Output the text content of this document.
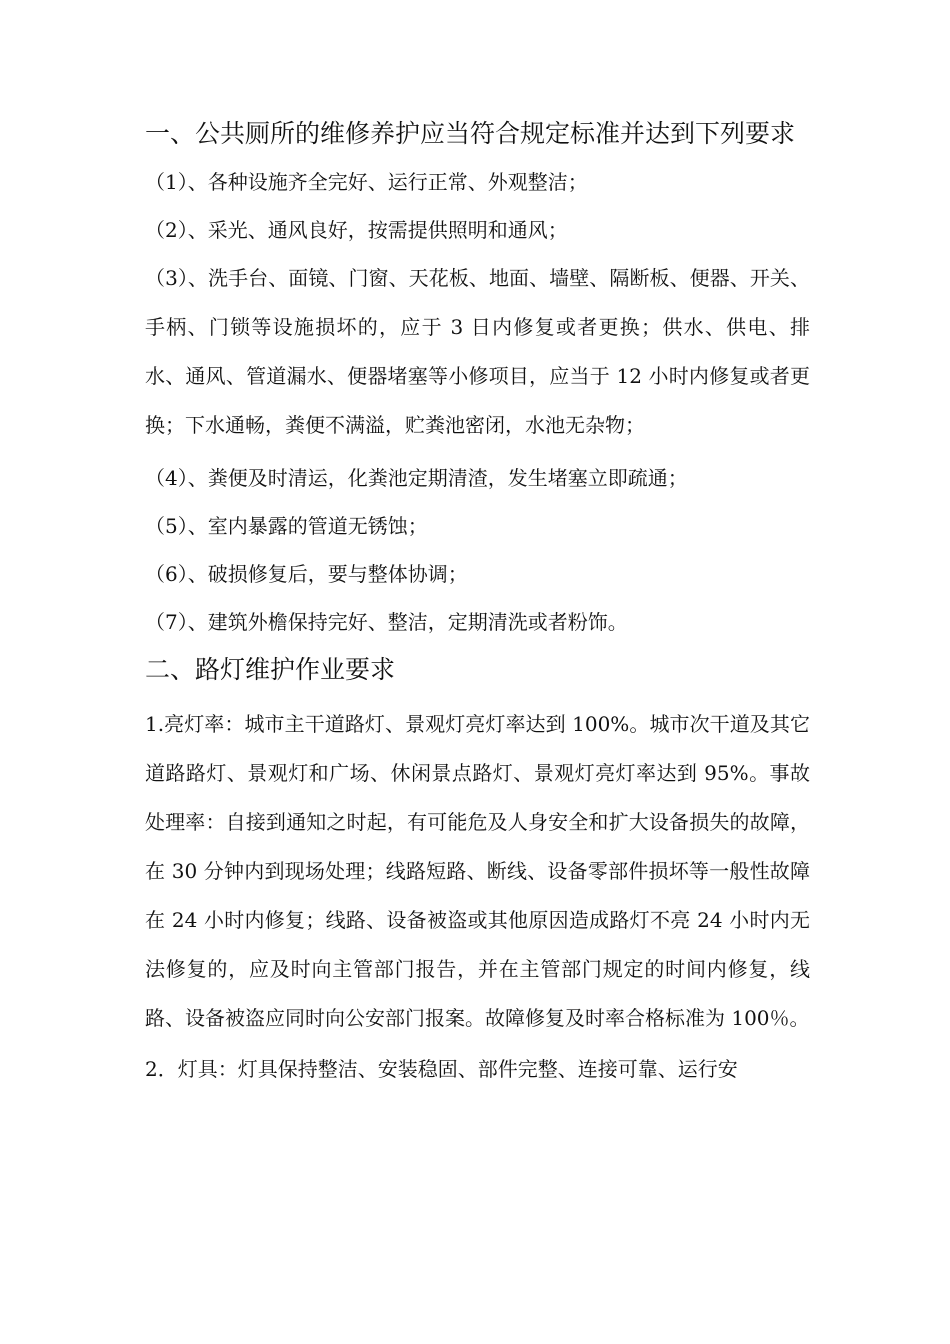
一、公共厕所的维修养护应当符合规定标准并达到下列要求

（1）、各种设施齐全完好、运行正常、外观整洁；

（2）、采光、通风良好，按需提供照明和通风；

（3）、洗手台、面镜、门窗、天花板、地面、墙壁、隔断板、便器、开关、手柄、门锁等设施损坏的，应于 3 日内修复或者更换；供水、供电、排水、通风、管道漏水、便器堵塞等小修项目，应当于 12 小时内修复或者更换；下水通畅，粪便不满溢，贮粪池密闭，水池无杂物；

（4）、粪便及时清运，化粪池定期清渣，发生堵塞立即疏通；

（5）、室内暴露的管道无锈蚀；

（6）、破损修复后，要与整体协调；

（7）、建筑外檐保持完好、整洁，定期清洗或者粉饰。

二、路灯维护作业要求

1.亮灯率：城市主干道路灯、景观灯亮灯率达到 100%。城市次干道及其它道路路灯、景观灯和广场、休闲景点路灯、景观灯亮灯率达到 95%。事故处理率：自接到通知之时起，有可能危及人身安全和扩大设备损失的故障，在 30 分钟内到现场处理；线路短路、断线、设备零部件损坏等一般性故障在 24 小时内修复；线路、设备被盗或其他原因造成路灯不亮 24 小时内无法修复的，应及时向主管部门报告，并在主管部门规定的时间内修复，线路、设备被盗应同时向公安部门报案。故障修复及时率合格标准为 100％。

2．灯具：灯具保持整洁、安装稳固、部件完整、连接可靠、运行安
